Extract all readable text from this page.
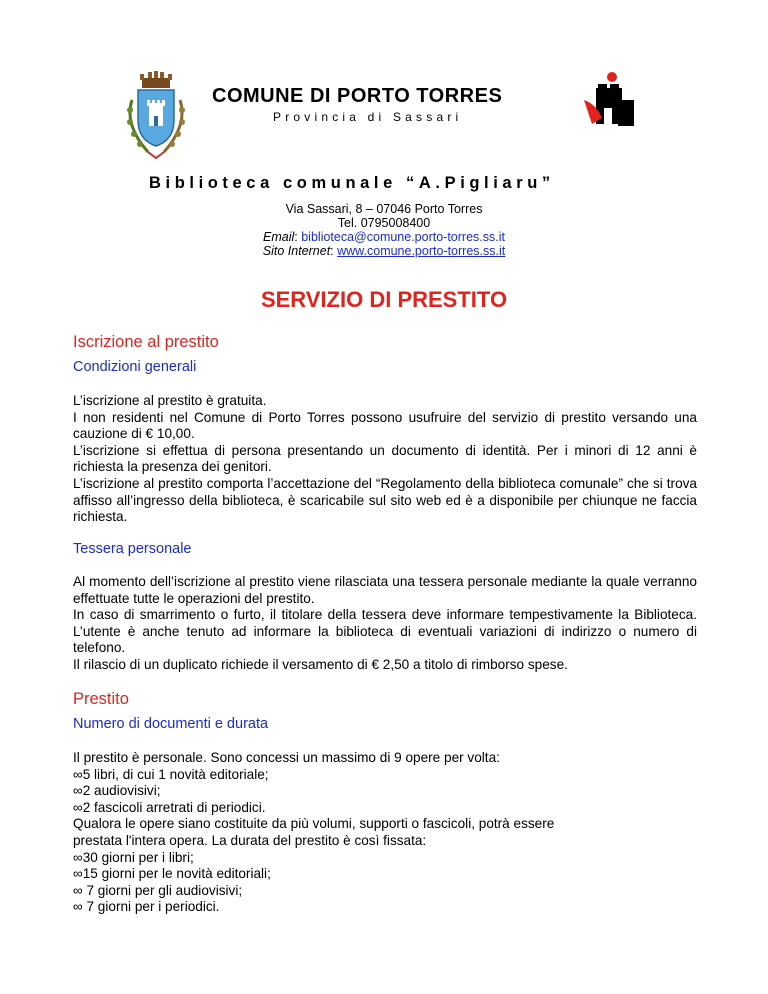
COMUNE DI PORTO TORRES
Provincia di Sassari
Biblioteca comunale “A.Pigliaru”
Via Sassari, 8 – 07046 Porto Torres
Tel. 0795008400
Email: biblioteca@comune.porto-torres.ss.it
Sito Internet: www.comune.porto-torres.ss.it
SERVIZIO DI PRESTITO
Iscrizione al prestito
Condizioni generali

L’iscrizione al prestito è gratuita.

I non residenti nel Comune di Porto Torres possono usufruire del servizio di prestito versando una cauzione di € 10,00.

L’iscrizione si effettua di persona presentando un documento di identità. Per i minori di 12 anni è richiesta la presenza dei genitori.

L’iscrizione al prestito comporta l’accettazione del “Regolamento della biblioteca comunale” che si trova affisso all’ingresso della biblioteca, è scaricabile sul sito web ed è a disponibile per chiunque ne faccia richiesta.

Tessera personale

Al momento dell’iscrizione al prestito viene rilasciata una tessera personale mediante la quale verranno effettuate tutte le operazioni del prestito.

In caso di smarrimento o furto, il titolare della tessera deve informare tempestivamente la Biblioteca. L’utente è anche tenuto ad informare la biblioteca di eventuali variazioni di indirizzo o numero di telefono.

Il rilascio di un duplicato richiede il versamento di € 2,50 a titolo di rimborso spese.

Prestito
Numero di documenti e durata
Il prestito è personale. Sono concessi un massimo di 9 opere per volta:
∞5 libri, di cui 1 novità editoriale;
∞2 audiovisivi;
∞2 fascicoli arretrati di periodici.
Qualora le opere siano costituite da più volumi, supporti o fascicoli, potrà essere
prestata l'intera opera. La durata del prestito è così fissata:
∞30 giorni per i libri;
∞15 giorni per le novità editoriali;
∞ 7 giorni per gli audiovisivi;
∞ 7 giorni per i periodici.
